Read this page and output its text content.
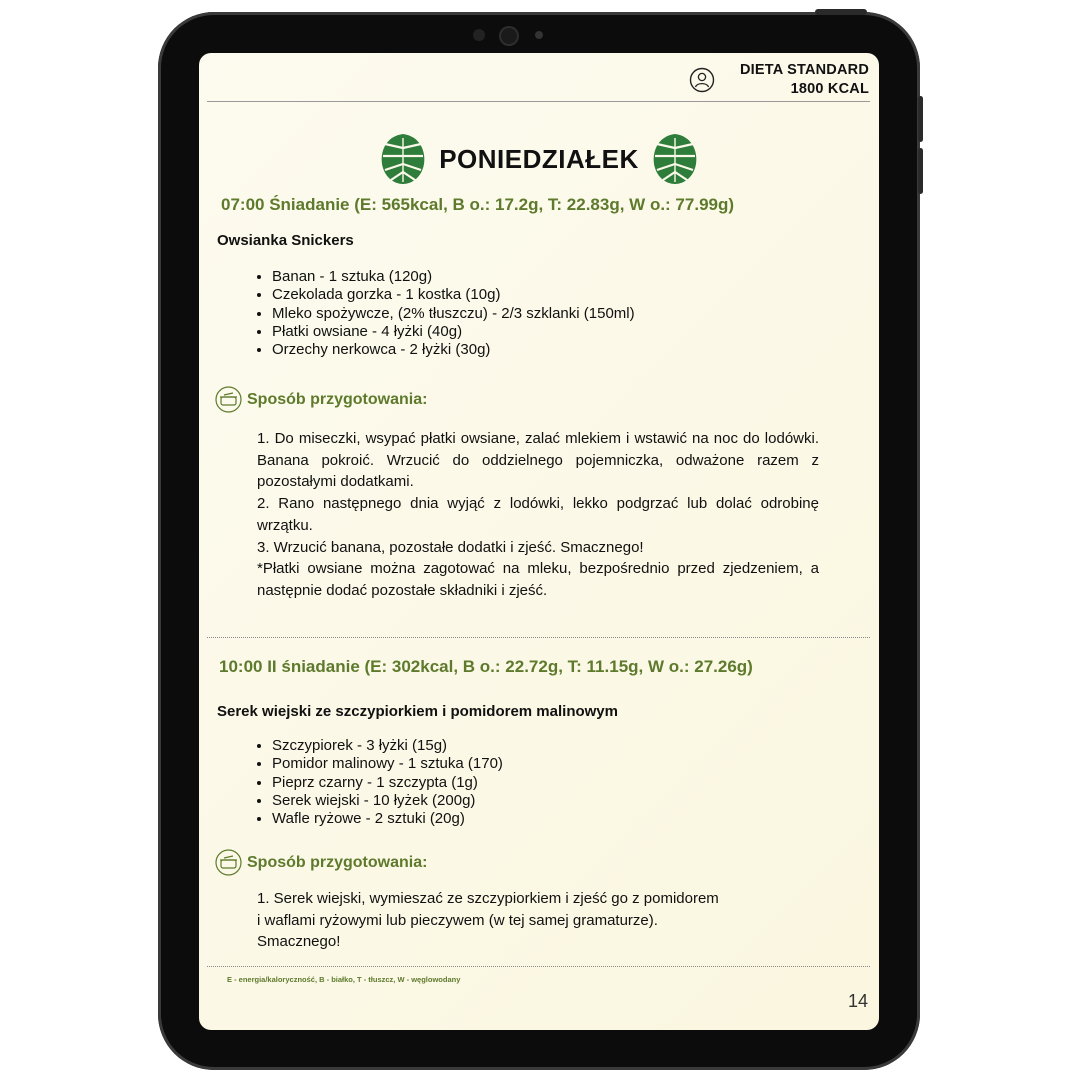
DIETA STANDARD
1800 KCAL
PONIEDZIAŁEK
07:00 Śniadanie (E: 565kcal, B o.: 17.2g, T: 22.83g, W o.: 77.99g)
Owsianka Snickers
• Banan - 1 sztuka (120g)
• Czekolada gorzka - 1 kostka (10g)
• Mleko spożywcze, (2% tłuszczu) - 2/3 szklanki (150ml)
• Płatki owsiane - 4 łyżki (40g)
• Orzechy nerkowca - 2 łyżki (30g)
Sposób przygotowania:

1. Do miseczki, wsypać płatki owsiane, zalać mlekiem i wstawić na noc do lodówki. Banana pokroić. Wrzucić do oddzielnego pojemniczka, odważone razem z pozostałymi dodatkami.

2. Rano następnego dnia wyjąć z lodówki, lekko podgrzać lub dolać odrobinę wrzątku.

3. Wrzucić banana, pozostałe dodatki i zjeść. Smacznego!

*Płatki owsiane można zagotować na mleku, bezpośrednio przed zjedzeniem, a następnie dodać pozostałe składniki i zjeść.

10:00 II śniadanie (E: 302kcal, B o.: 22.72g, T: 11.15g, W o.: 27.26g)
Serek wiejski ze szczypiorkiem i pomidorem malinowym
• Szczypiorek - 3 łyżki (15g)
• Pomidor malinowy - 1 sztuka (170)
• Pieprz czarny - 1 szczypta (1g)
• Serek wiejski - 10 łyżek (200g)
• Wafle ryżowe - 2 sztuki (20g)
Sposób przygotowania:
1. Serek wiejski, wymieszać ze szczypiorkiem i zjeść go z pomidorem
i waflami ryżowymi lub pieczywem (w tej samej gramaturze).
Smacznego!
E - energia/kaloryczność, B - białko, T - tłuszcz, W - węglowodany
14
